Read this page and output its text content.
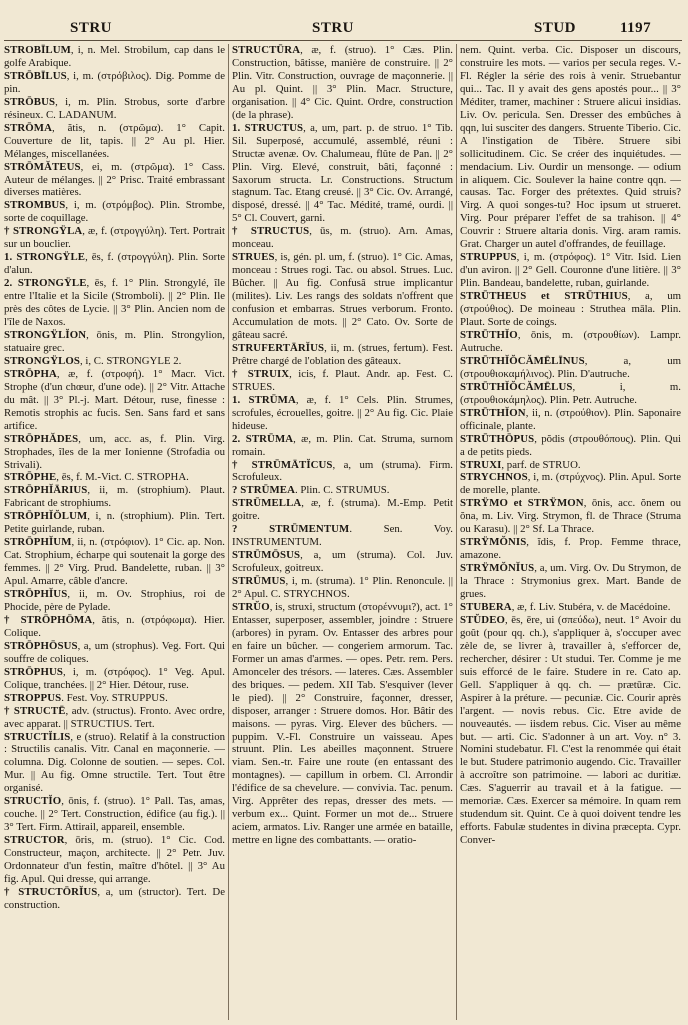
STRU	STRU	STUD	1197

STROBĪLUM, i, n. Mel. Strobilum, cap dans le golfe Arabique.

STRŌBĪLUS, i, m. (στρόβιλος). Dig. Pomme de pin.

STRŌBUS, i, m. Plin. Strobus, sorte d'arbre résineux. C. LADANUM.

STRŌMA, ătis, n. (στρῶμα). 1° Capit. Couverture de lit, tapis. || 2° Au pl. Hier. Mélanges, miscellanées.

STRŌMĂTEUS, ei, m. (στρῶμα). 1° Cass. Auteur de mélanges. || 2° Prisc. Traité embrassant diverses matières.

STROMBUS, i, m. (στρόμβος). Plin. Strombe, sorte de coquillage.

† STRONGŸLA, æ, f. (στρογγύλη). Tert. Portrait sur un bouclier.

1. STRONGŸLE, ēs, f. (στρογγύλη). Plin. Sorte d'alun.

2. STRONGŸLE, ēs, f. 1° Plin. Strongylé, île entre l'Italie et la Sicile (Stromboli). || 2° Plin. Ile près des côtes de Lycie. || 3° Plin. Ancien nom de l'île de Naxos.

STRONGŸLĬON, ōnis, m. Plin. Strongylion, statuaire grec.

STRONGŸLOS, i, C. STRONGYLE 2.

STRŌPHA, æ, f. (στροφή). 1° Macr. Vict. Strophe (d'un chœur, d'une ode). || 2° Vitr. Attache du mât. || 3° Pl.-j. Mart. Détour, ruse, finesse : Remotis strophis ac fucis. Sen. Sans fard et sans artifice.

STRŌPHĂDES, um, acc. as, f. Plin. Virg. Strophades, îles de la mer Ionienne (Strofadia ou Strivali).

STRŌPHE, ēs, f. M.-Vict. C. STROPHA.

STRŌPHĬĀRIUS, ii, m. (strophium). Plaut. Fabricant de strophiums.

STRŌPHĬŎLUM, i, n. (strophium). Plin. Tert. Petite guirlande, ruban.

STRŌPHĬUM, ii, n. (στρόφιον). 1° Cic. ap. Non. Cat. Strophium, écharpe qui soutenait la gorge des femmes. || 2° Virg. Prud. Bandelette, ruban. || 3° Apul. Amarre, câble d'ancre.

STRŌPHĬUS, ii, m. Ov. Strophius, roi de Phocide, père de Pylade.

† STRŌPHŌMA, ătis, n. (στρόφωμα). Hier. Colique.

STRŌPHŌSUS, a, um (strophus). Veg. Fort. Qui souffre de coliques.

STRŌPHUS, i, m. (στρόφος). 1° Veg. Apul. Colique, tranchées. || 2° Hier. Détour, ruse.

STROPPUS. Fest. Voy. STRUPPUS.

† STRUCTĒ, adv. (structus). Fronto. Avec ordre, avec apparat. || STRUCTIUS. Tert.

STRUCTĬLIS, e (struo). Relatif à la construction : Structilis canalis. Vitr. Canal en maçonnerie. — columna. Dig. Colonne de soutien. — sepes. Col. Mur. || Au fig. Omne structile. Tert. Tout être organisé.

STRUCTĬO, ōnis, f. (struo). 1° Pall. Tas, amas, couche. || 2° Tert. Construction, édifice (au fig.). || 3° Tert. Firm. Attirail, appareil, ensemble.

STRUCTOR, ōris, m. (struo). 1° Cic. Cod. Constructeur, maçon, architecte. || 2° Petr. Juv. Ordonnateur d'un festin, maître d'hôtel. || 3° Au fig. Apul. Qui dresse, qui arrange.

† STRUCTŌRĬUS, a, um (structor). Tert. De construction.

STRUCTŪRA, æ, f. (struo). 1° Cæs. Plin. Construction, bâtisse, manière de construire. || 2° Plin. Vitr. Construction, ouvrage de maçonnerie. || Au pl. Quint. || 3° Plin. Macr. Structure, organisation. || 4° Cic. Quint. Ordre, construction (de la phrase).

1. STRUCTUS, a, um, part. p. de struo. 1° Tib. Sil. Superposé, accumulé, assemblé, réuni : Structæ avenæ. Ov. Chalumeau, flûte de Pan. || 2° Plin. Virg. Elevé, construit, bâti, façonné : Saxorum structa. Lr. Constructions. Structum stagnum. Tac. Etang creusé. || 3° Cic. Ov. Arrangé, disposé, dressé. || 4° Tac. Médité, tramé, ourdi. || 5° Cl. Couvert, garni.

† STRUCTUS, ūs, m. (struo). Arn. Amas, monceau.

STRUES, is, gén. pl. um, f. (struo). 1° Cic. Amas, monceau : Strues rogi. Tac. ou absol. Strues. Luc. Bûcher. || Au fig. Confusâ strue implicantur (milites). Liv. Les rangs des soldats n'offrent que confusion et embarras. Strues verborum. Fronto. Accumulation de mots. || 2° Cato. Ov. Sorte de gâteau sacré.

STRUFERTĀRĬUS, ii, m. (strues, fertum). Fest. Prêtre chargé de l'oblation des gâteaux.

† STRUIX, icis, f. Plaut. Andr. ap. Fest. C. STRUES.

1. STRŪMA, æ, f. 1° Cels. Plin. Strumes, scrofules, écrouelles, goitre. || 2° Au fig. Cic. Plaie hideuse.

2. STRŪMA, æ, m. Plin. Cat. Struma, surnom romain.

† STRŪMĀTĬCUS, a, um (struma). Firm. Scrofuleux.

? STRŪMEA. Plin. C. STRUMUS.

STRŪMELLA, æ, f. (struma). M.-Emp. Petit goitre.

? STRŪMENTUM. Sen. Voy. INSTRUMENTUM.

STRŪMŌSUS, a, um (struma). Col. Juv. Scrofuleux, goitreux.

STRŪMUS, i, m. (struma). 1° Plin. Renoncule. || 2° Apul. C. STRYCHNOS.

STRŬO, is, struxi, structum (στορέννυμι?), act. 1° Entasser, superposer, assembler, joindre : Struere (arbores) in pyram. Ov. Entasser des arbres pour en faire un bûcher. — congeriem armorum. Tac. Former un amas d'armes. — opes. Petr. rem. Pers. Amonceler des trésors. — lateres. Cæs. Assembler des briques. — pedem. XII Tab. S'esquiver (lever le pied). || 2° Construire, façonner, dresser, disposer, arranger : Struere domos. Hor. Bâtir des maisons. — pyras. Virg. Elever des bûchers. — puppim. V.-Fl. Construire un vaisseau. Apes struunt. Plin. Les abeilles maçonnent. Struere viam. Sen.-tr. Faire une route (en entassant des montagnes). — capillum in orbem. Cl. Arrondir l'édifice de sa chevelure. — convivia. Tac. penum. Virg. Apprêter des repas, dresser des mets. — verbum ex... Quint. Former un mot de... Struere aciem, armatos. Liv. Ranger une armée en bataille, mettre en ligne des combattants. — oratio-

nem. Quint. verba. Cic. Disposer un discours, construire les mots. — varios per secula reges. V.-Fl. Régler la série des rois à venir. Struebantur qui... Tac. Il y avait des gens apostés pour... || 3° Méditer, tramer, machiner : Struere alicui insidias. Liv. Ov. pericula. Sen. Dresser des embûches à qqn, lui susciter des dangers. Struente Tiberio. Cic. A l'instigation de Tibère. Struere sibi sollicitudinem. Cic. Se créer des inquiétudes. — mendacium. Liv. Ourdir un mensonge. — odium in aliquem. Cic. Soulever la haine contre qqn. — causas. Tac. Forger des prétextes. Quid struis? Virg. A quoi songes-tu? Hoc ipsum ut strueret. Virg. Pour préparer l'effet de sa trahison. || 4° Couvrir : Struere altaria donis. Virg. aram ramis. Grat. Charger un autel d'offrandes, de feuillage.

STRUPPUS, i, m. (στρόφος). 1° Vitr. Isid. Lien d'un aviron. || 2° Gell. Couronne d'une litière. || 3° Plin. Bandeau, bandelette, ruban, guirlande.

STRŪTHEUS et STRŪTHIUS, a, um (στρούθιος). De moineau : Struthea māla. Plin. Plaut. Sorte de coings.

STRŪTHĬO, ōnis, m. (στρουθίων). Lampr. Autruche.

STRŪTHĬŎCĂMĒLĪNUS, a, um (στρουθιοκαμήλινος). Plin. D'autruche.

STRŪTHĬŎCĂMĒLUS, i, m. (στρουθιοκάμηλος). Plin. Petr. Autruche.

STRŪTHĬON, ii, n. (στρούθιον). Plin. Saponaire officinale, plante.

STRŪTHŌPUS, pŏdis (στρουθόπους). Plin. Qui a de petits pieds.

STRUXI, parf. de STRUO.

STRYCHNOS, i, m. (στρύχνος). Plin. Apul. Sorte de morelle, plante.

STRŸMO et STRŸMON, ōnis, acc. ŏnem ou ŏna, m. Liv. Virg. Strymon, fl. de Thrace (Struma ou Karasu). || 2° Sf. La Thrace.

STRŸMŎNIS, ĭdis, f. Prop. Femme thrace, amazone.

STRŸMŎNĬUS, a, um. Virg. Ov. Du Strymon, de la Thrace : Strymonius grex. Mart. Bande de grues.

STUBERA, æ, f. Liv. Stubéra, v. de Macédoine.

STŬDEO, ēs, ēre, ui (σπεύδω), neut. 1° Avoir du goût (pour qq. ch.), s'appliquer à, s'occuper avec zèle de, se livrer à, travailler à, s'efforcer de, rechercher, désirer : Ut studui. Ter. Comme je me suis efforcé de le faire. Studere in re. Cato ap. Gell. S'appliquer à qq. ch. — prætūræ. Cic. Aspirer à la préture. — pecuniæ. Cic. Courir après l'argent. — novis rebus. Cic. Etre avide de nouveautés. — iisdem rebus. Cic. Viser au même but. — arti. Cic. S'adonner à un art. Voy. n° 3. Nomini studebatur. Fl. C'est la renommée qui était le but. Studere patrimonio augendo. Cic. Travailler à accroître son patrimoine. — labori ac duritiæ. Cæs. S'aguerrir au travail et à la fatigue. — memoriæ. Cæs. Exercer sa mémoire. In quam rem studendum sit. Quint. Ce à quoi doivent tendre les efforts. Fabulæ studentes in divina præcepta. Cypr. Conver-
